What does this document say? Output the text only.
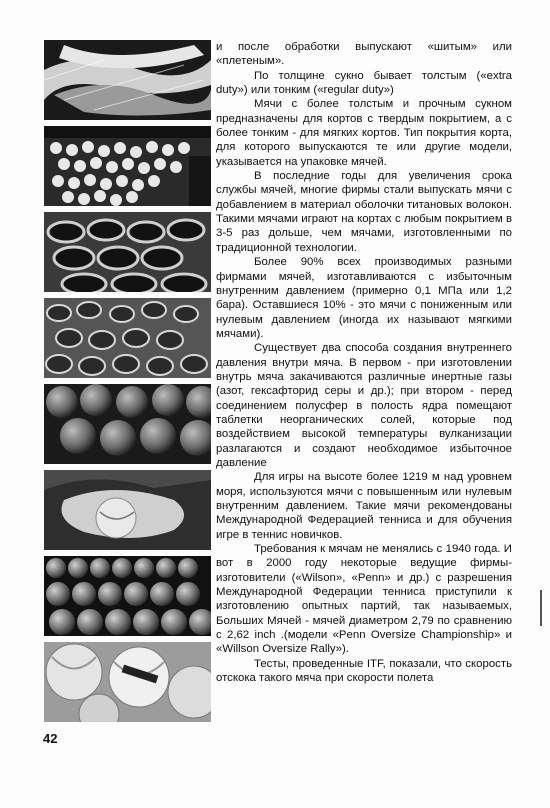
и после обработки выпускают «шитым» или «плетеным».

По толщине сукно бывает толстым («extra duty») или тонким («regular duty»)

Мячи с более толстым и прочным сукном предназначены для кортов с твердым покрытием, а с более тонким - для мягких кортов. Тип покрытия корта, для которого выпускаются те или другие модели, указывается на упаковке мячей.

В последние годы для увеличения срока службы мячей, многие фирмы стали выпускать мячи с добавлением в материал оболочки титановых волокон. Такими мячами играют на кортах с любым покрытием в 3-5 раз дольше, чем мячами, изготовленными по традиционной технологии.

Более 90% всех производимых разными фирмами мячей, изготавливаются с избыточным внутренним давлением (примерно 0,1 МПа или 1,2 бара). Оставшиеся 10% - это мячи с пониженным или нулевым давлением (иногда их называют мягкими мячами).

Существует два способа создания внутреннего давления внутри мяча. В первом - при изготовлении внутрь мяча закачиваются различные инертные газы (азот, гексафторид серы и др.); при втором - перед соединением полусфер в полость ядра помещают таблетки неорганических солей, которые под воздействием высокой температуры вулканизации разлагаются и создают необходимое избыточное давление

Для игры на высоте более 1219 м над уровнем моря, используются мячи с повышенным или нулевым внутренним давлением. Такие мячи рекомендованы Международной Федерацией тенниса и для обучения игре в теннис новичков.

Требования к мячам не менялись с 1940 года. И вот в 2000 году некоторые ведущие фирмы-изготовители («Wilson», «Penn» и др.) с разрешения Международной Федерации тенниса приступили к изготовлению опытных партий, так называемых, Больших Мячей - мячей диаметром 2,79 по сравнению с 2,62 inch .(модели «Penn Oversize Championship» и «Willson Oversize Rally»).

Тесты, проведенные ITF, показали, что скорость отскока такого мяча при скорости полета

42
